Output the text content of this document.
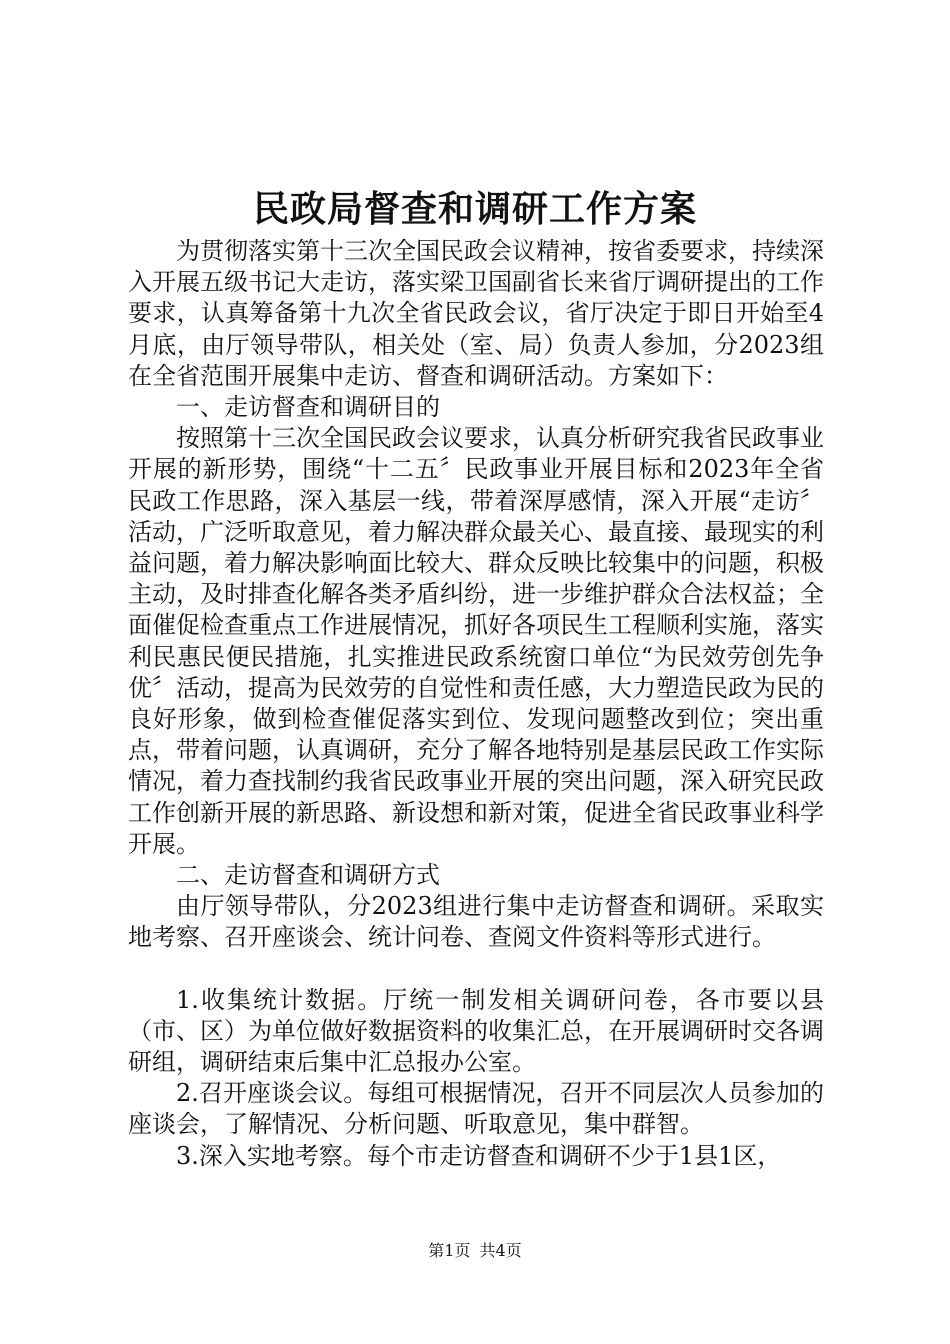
民政局督查和调研工作方案

为贯彻落实第十三次全国民政会议精神，按省委要求，持续深入开展五级书记大走访，落实梁卫国副省长来省厅调研提出的工作要求，认真筹备第十九次全省民政会议，省厅决定于即日开始至4月底，由厅领导带队，相关处（室、局）负责人参加，分2023组在全省范围开展集中走访、督查和调研活动。方案如下：

一、走访督查和调研目的

按照第十三次全国民政会议要求，认真分析研究我省民政事业开展的新形势，围绕“十二五〞民政事业开展目标和2023年全省民政工作思路，深入基层一线，带着深厚感情，深入开展“走访〞活动，广泛听取意见，着力解决群众最关心、最直接、最现实的利益问题，着力解决影响面比较大、群众反映比较集中的问题，积极主动，及时排查化解各类矛盾纠纷，进一步维护群众合法权益；全面催促检查重点工作进展情况，抓好各项民生工程顺利实施，落实利民惠民便民措施，扎实推进民政系统窗口单位“为民效劳创先争优〞活动，提高为民效劳的自觉性和责任感，大力塑造民政为民的良好形象，做到检查催促落实到位、发现问题整改到位；突出重点，带着问题，认真调研，充分了解各地特别是基层民政工作实际情况，着力查找制约我省民政事业开展的突出问题，深入研究民政工作创新开展的新思路、新设想和新对策，促进全省民政事业科学开展。

二、走访督查和调研方式

由厅领导带队，分2023组进行集中走访督查和调研。采取实地考察、召开座谈会、统计问卷、查阅文件资料等形式进行。

1.收集统计数据。厅统一制发相关调研问卷，各市要以县（市、区）为单位做好数据资料的收集汇总，在开展调研时交各调研组，调研结束后集中汇总报办公室。

2.召开座谈会议。每组可根据情况，召开不同层次人员参加的座谈会，了解情况、分析问题、听取意见，集中群智。

3.深入实地考察。每个市走访督查和调研不少于1县1区，

第1页 共4页
